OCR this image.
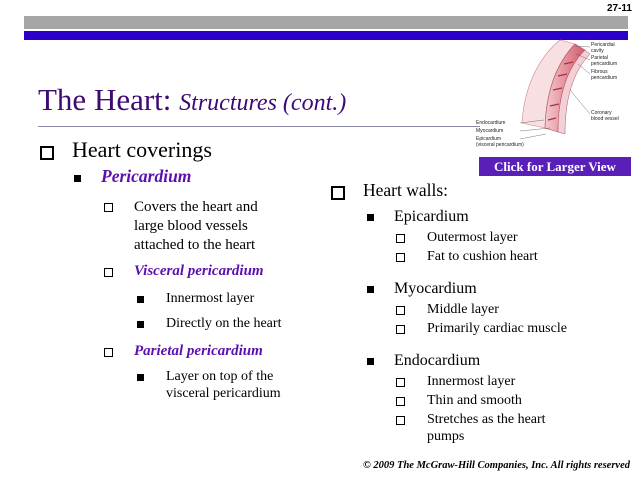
27-11
The Heart: Structures (cont.)
Pericardial
cavity
Parietal
pericardium
Fibrous
pericardium
Coronary
blood vessel
Endocardium
Myocardium
Epicardium
(visceral pericardium)
Click for Larger View
Heart coverings
Pericardium
Covers the heart and
large blood vessels
attached to the heart
Visceral pericardium
Innermost layer
Directly on the heart
Parietal pericardium
Layer on top of the
visceral pericardium
Heart walls:
Epicardium
Outermost layer
Fat to cushion heart
Myocardium
Middle layer
Primarily cardiac muscle
Endocardium
Innermost layer
Thin and smooth
Stretches as the heart
pumps
© 2009 The McGraw-Hill Companies, Inc. All rights reserved
